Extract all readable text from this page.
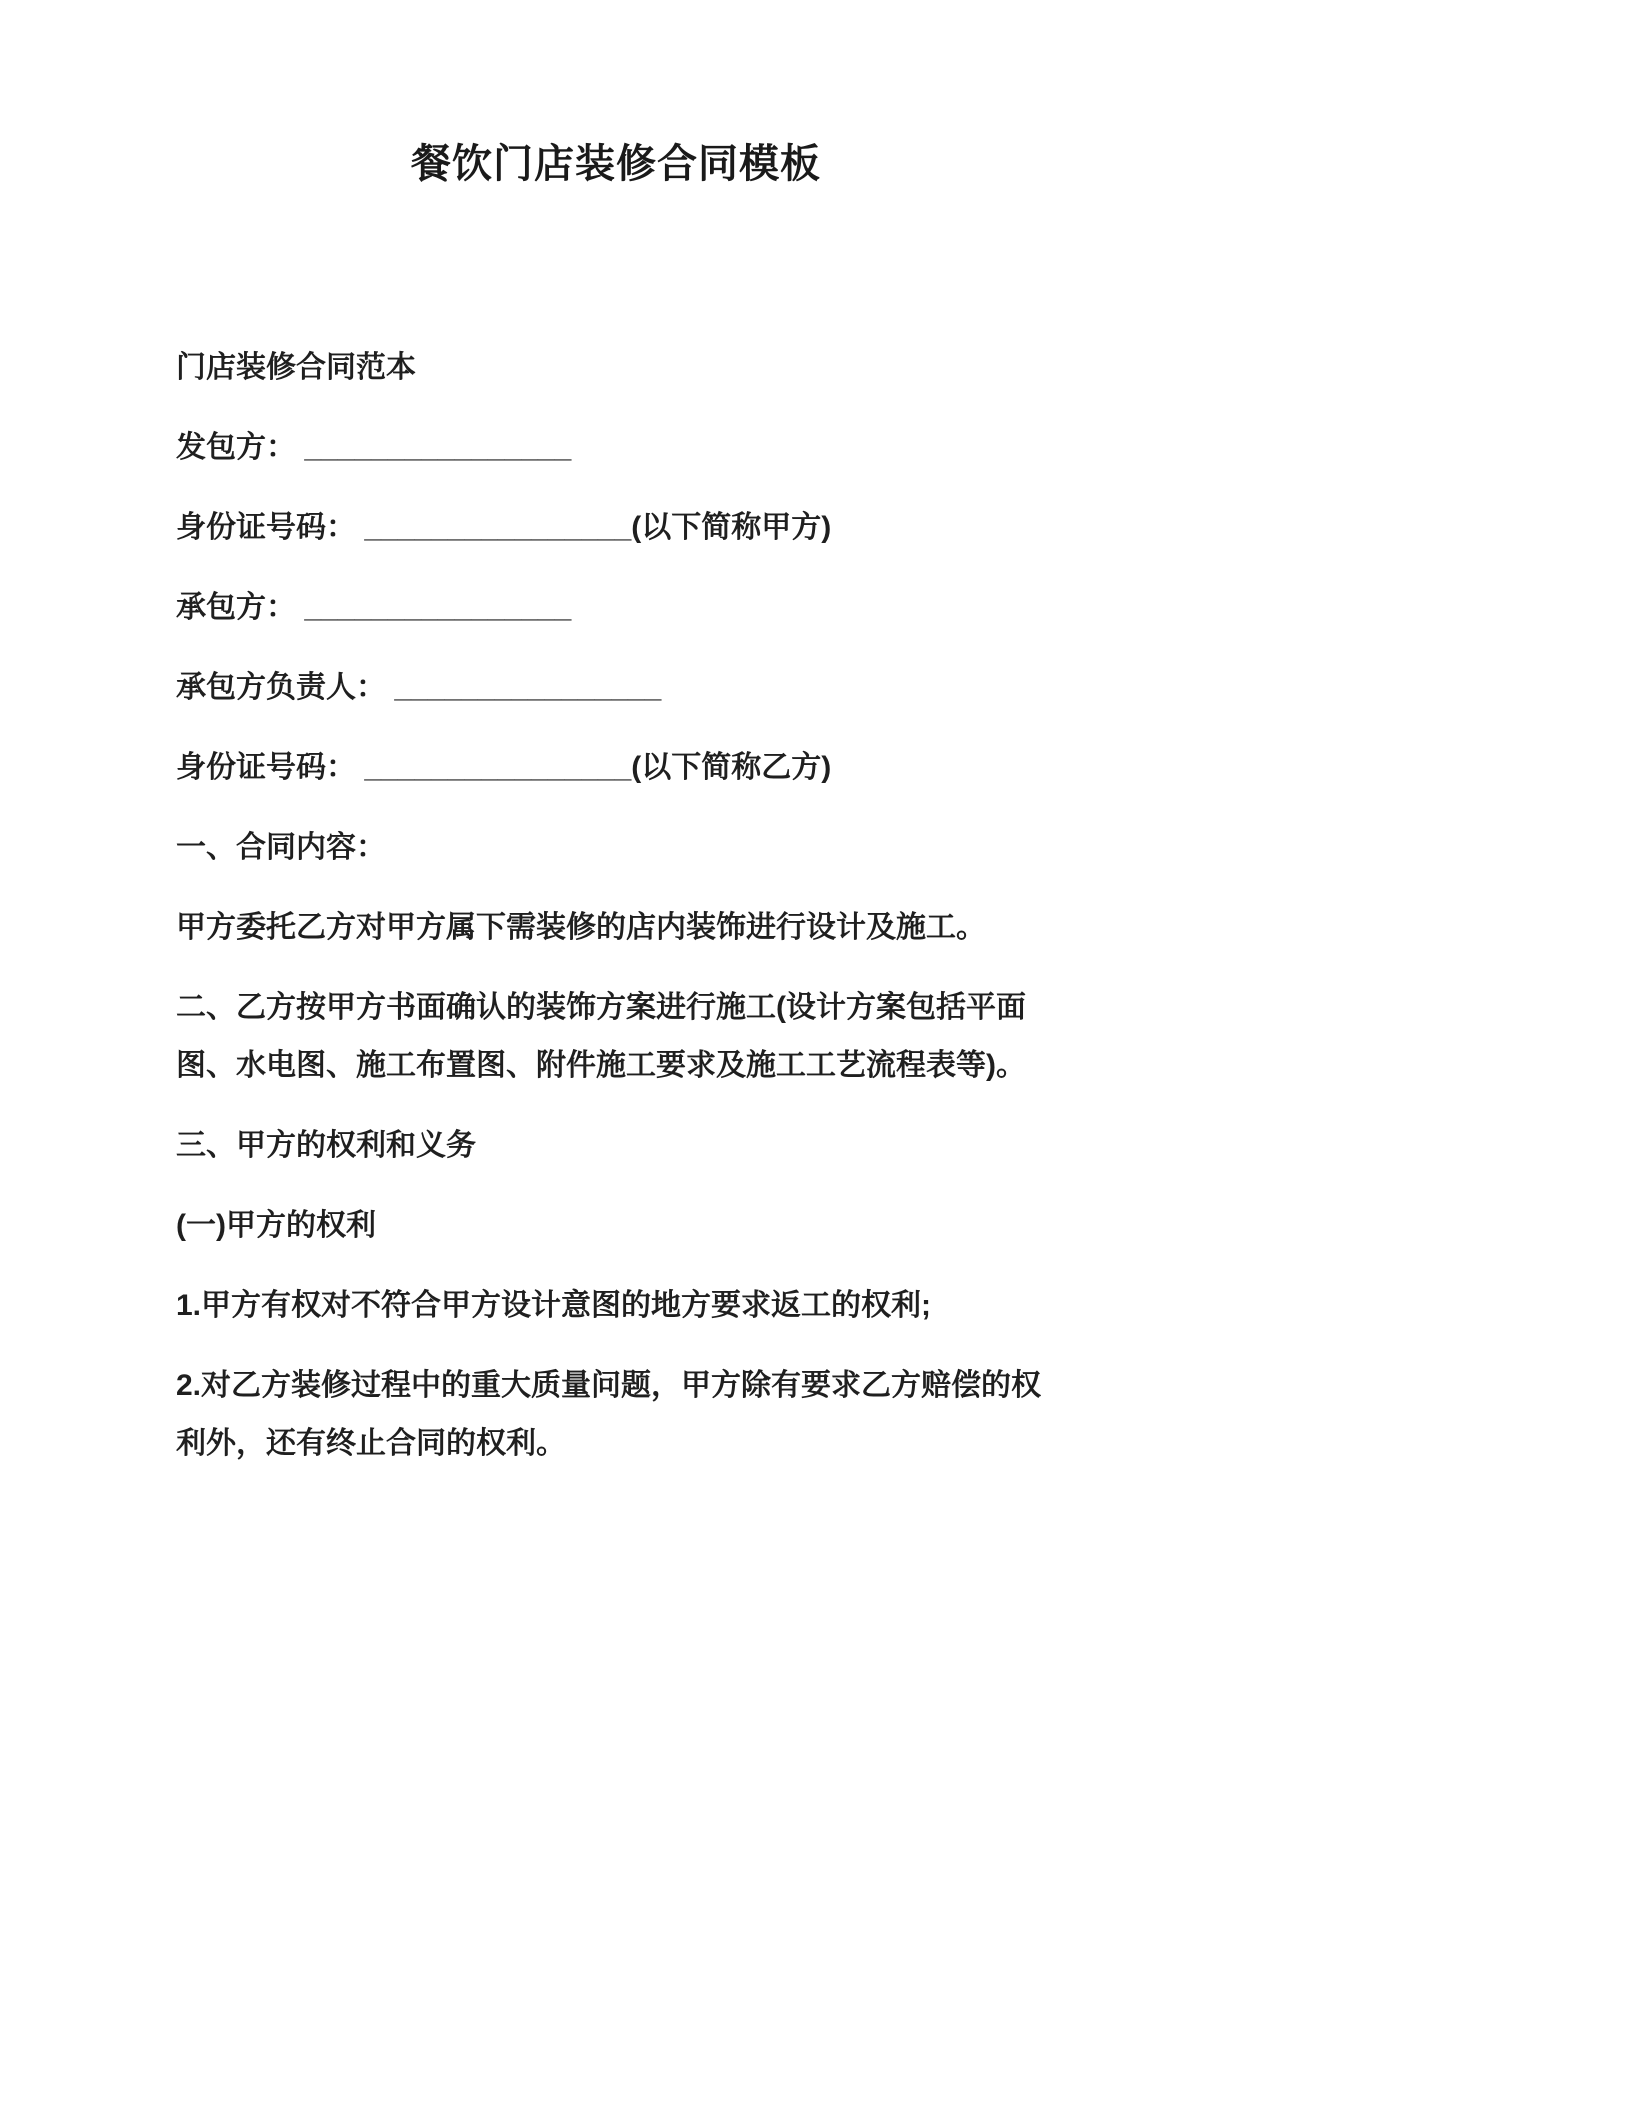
餐饮门店装修合同模板

门店装修合同范本

发包方： ________________

身份证号码： ________________(以下简称甲方)

承包方： ________________

承包方负责人： ________________

身份证号码： ________________(以下简称乙方)

一、合同内容：

甲方委托乙方对甲方属下需装修的店内装饰进行设计及施工。

二、乙方按甲方书面确认的装饰方案进行施工(设计方案包括平面图、水电图、施工布置图、附件施工要求及施工工艺流程表等)。

三、甲方的权利和义务

(一)甲方的权利

1.甲方有权对不符合甲方设计意图的地方要求返工的权利;

2.对乙方装修过程中的重大质量问题，甲方除有要求乙方赔偿的权利外，还有终止合同的权利。
